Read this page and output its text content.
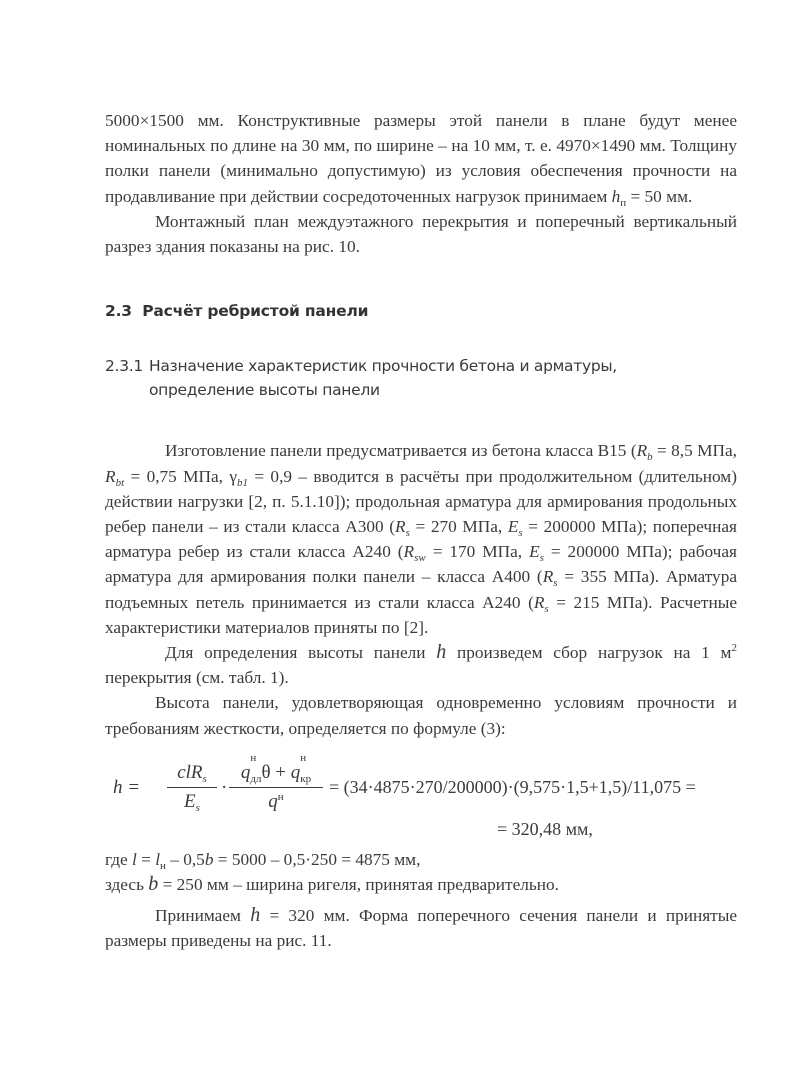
5000×1500 мм. Конструктивные размеры этой панели в плане будут менее номинальных по длине на 30 мм, по ширине – на 10 мм, т. е. 4970×1490 мм. Толщину полки панели (минимально допустимую) из условия обеспечения прочности на продавливание при действии сосредоточенных нагрузок принимаем $h_п = 50$ мм.

Монтажный план междуэтажного перекрытия и поперечный вертикальный разрез здания показаны на рис. 10.

2.3 Расчёт ребристой панели

2.3.1 Назначение характеристик прочности бетона и арматуры,
определение высоты панели

Изготовление панели предусматривается из бетона класса В15 ($R_b = 8,5$ МПа, $R_{bt} = 0,75$ МПа, $\gamma_{b1} = 0,9$ – вводится в расчёты при продолжительном (длительном) действии нагрузки [2, п. 5.1.10]); продольная арматура для армирования продольных ребер панели – из стали класса А300 ($R_s = 270$ МПа, $E_s = 200000$ МПа); поперечная арматура ребер из стали класса А240 ($R_{sw} = 170$ МПа, $E_s = 200000$ МПа); рабочая арматура для армирования полки панели – класса А400 ($R_s = 355$ МПа). Арматура подъемных петель принимается из стали класса А240 ($R_s = 215$ МПа). Расчетные характеристики материалов приняты по [2].

Для определения высоты панели h произведем сбор нагрузок на 1 $м^2$ перекрытия (см. табл. 1).

Высота панели, удовлетворяющая одновременно условиям прочности и требованиям жесткости, определяется по формуле (3):

h =
clR$_s$
$E_s$
·
q
н
$_{дл}$θ + q
н
$_{кр}$
$q^н$	= (34·4875·270/200000)·(9,575·1,5+1,5)/11,075 =
= 320,48 мм,

где $l = l_н - 0,5b = 5000 - 0,5\cdot 250 = 4875$ мм,

здесь b = 250 мм – ширина ригеля, принятая предварительно.

Принимаем h = 320 мм. Форма поперечного сечения панели и принятые размеры приведены на рис. 11.
